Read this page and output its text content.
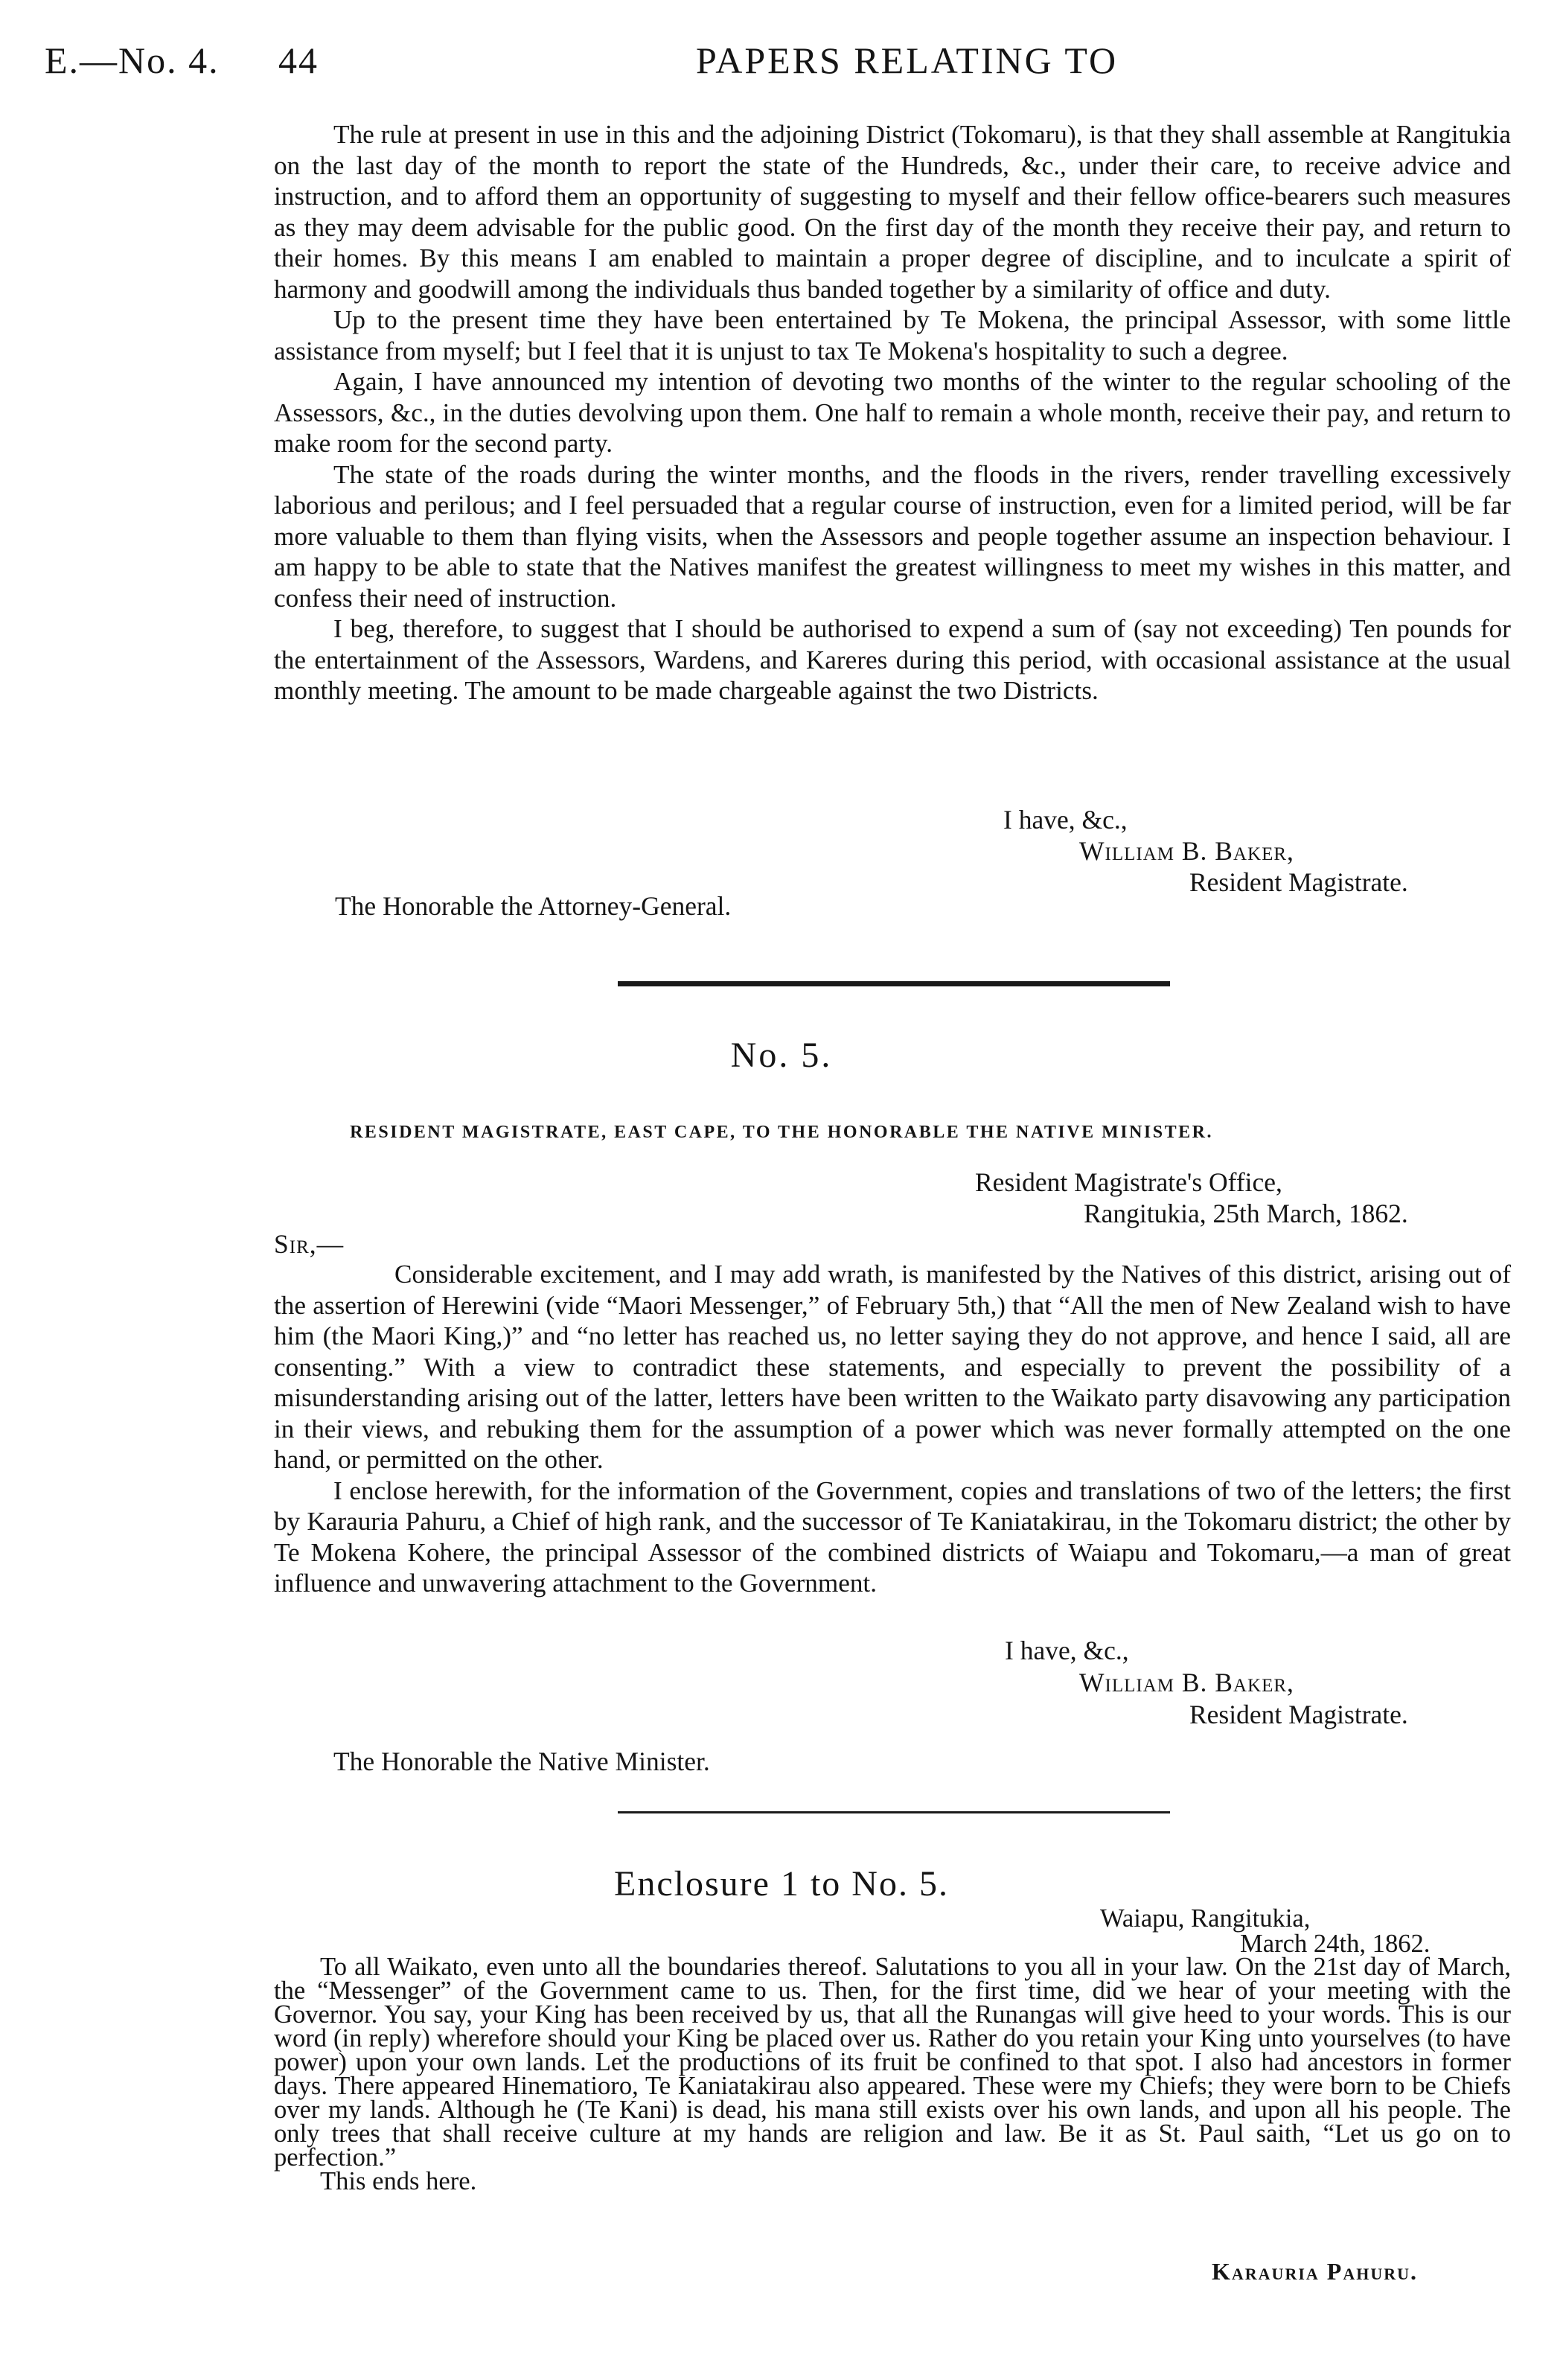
E.—No. 4. 44	PAPERS RELATING TO

The rule at present in use in this and the adjoining District (Tokomaru), is that they shall assemble at Rangitukia on the last day of the month to report the state of the Hundreds, &c., under their care, to receive advice and instruction, and to afford them an opportunity of suggesting to myself and their fellow office-bearers such measures as they may deem advisable for the public good. On the first day of the month they receive their pay, and return to their homes. By this means I am enabled to maintain a proper degree of discipline, and to inculcate a spirit of harmony and goodwill among the individuals thus banded together by a similarity of office and duty.

Up to the present time they have been entertained by Te Mokena, the principal Assessor, with some little assistance from myself; but I feel that it is unjust to tax Te Mokena's hospitality to such a degree.

Again, I have announced my intention of devoting two months of the winter to the regular schooling of the Assessors, &c., in the duties devolving upon them. One half to remain a whole month, receive their pay, and return to make room for the second party.

The state of the roads during the winter months, and the floods in the rivers, render travelling excessively laborious and perilous; and I feel persuaded that a regular course of instruction, even for a limited period, will be far more valuable to them than flying visits, when the Assessors and people together assume an inspection behaviour. I am happy to be able to state that the Natives manifest the greatest willingness to meet my wishes in this matter, and confess their need of instruction.

I beg, therefore, to suggest that I should be authorised to expend a sum of (say not exceeding) Ten pounds for the entertainment of the Assessors, Wardens, and Kareres during this period, with occasional assistance at the usual monthly meeting. The amount to be made chargeable against the two Districts.

I have, &c.,
William B. Baker,
Resident Magistrate.
The Honorable the Attorney-General.
No. 5.
RESIDENT MAGISTRATE, EAST CAPE, TO THE HONORABLE THE NATIVE MINISTER.
Resident Magistrate's Office,
Rangitukia, 25th March, 1862.
Sir,—

Considerable excitement, and I may add wrath, is manifested by the Natives of this district, arising out of the assertion of Herewini (vide “Maori Messenger,” of February 5th,) that “All the men of New Zealand wish to have him (the Maori King,)” and “no letter has reached us, no letter saying they do not approve, and hence I said, all are consenting.” With a view to contradict these statements, and especially to prevent the possibility of a misunderstanding arising out of the latter, letters have been written to the Waikato party disavowing any participation in their views, and rebuking them for the assumption of a power which was never formally attempted on the one hand, or permitted on the other.

I enclose herewith, for the information of the Government, copies and translations of two of the letters; the first by Karauria Pahuru, a Chief of high rank, and the successor of Te Kaniatakirau, in the Tokomaru district; the other by Te Mokena Kohere, the principal Assessor of the combined districts of Waiapu and Tokomaru,—a man of great influence and unwavering attachment to the Government.

I have, &c.,
William B. Baker,
Resident Magistrate.
The Honorable the Native Minister.
Enclosure 1 to No. 5.
Waiapu, Rangitukia,
March 24th, 1862.

To all Waikato, even unto all the boundaries thereof. Salutations to you all in your law. On the 21st day of March, the “Messenger” of the Government came to us. Then, for the first time, did we hear of your meeting with the Governor. You say, your King has been received by us, that all the Runangas will give heed to your words. This is our word (in reply) wherefore should your King be placed over us. Rather do you retain your King unto yourselves (to have power) upon your own lands. Let the productions of its fruit be confined to that spot. I also had ancestors in former days. There appeared Hinematioro, Te Kaniatakirau also appeared. These were my Chiefs; they were born to be Chiefs over my lands. Although he (Te Kani) is dead, his mana still exists over his own lands, and upon all his people. The only trees that shall receive culture at my hands are religion and law. Be it as St. Paul saith, “Let us go on to perfection.”

This ends here.

Karauria Pahuru.
